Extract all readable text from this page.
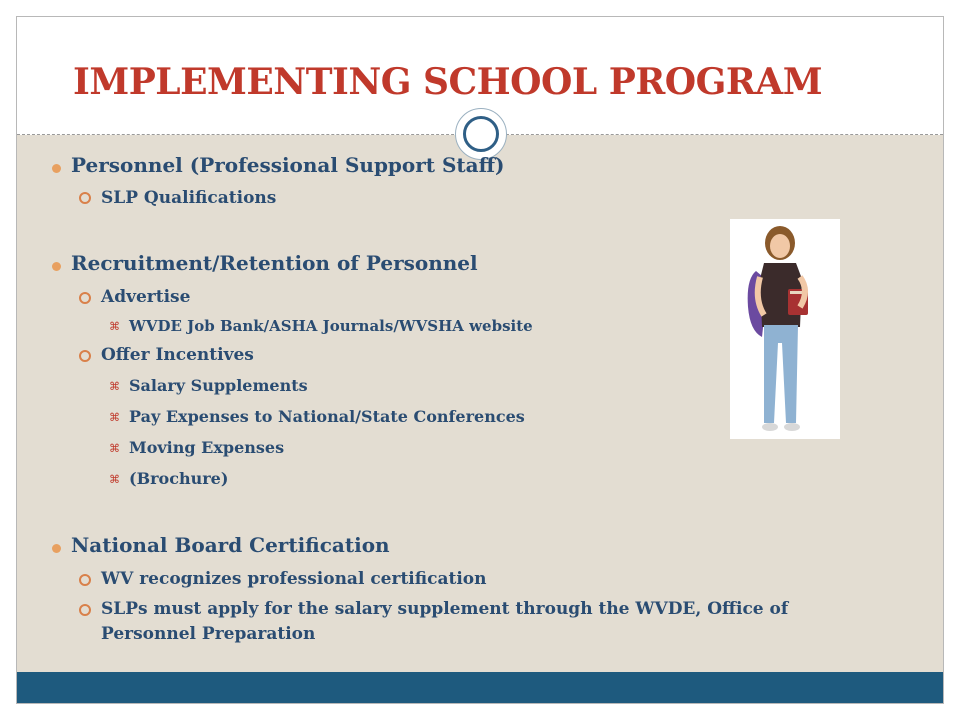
IMPLEMENTING SCHOOL PROGRAM
Personnel (Professional Support Staff)
SLP Qualifications
Recruitment/Retention of Personnel
Advertise
⌘ WVDE Job Bank/ASHA Journals/WVSHA website
Offer Incentives
⌘ Salary Supplements
⌘ Pay Expenses to National/State Conferences
⌘ Moving Expenses
⌘ (Brochure)
National Board Certification
WV recognizes professional certification
SLPs must apply for the salary supplement through the WVDE, Office of
Personnel Preparation
